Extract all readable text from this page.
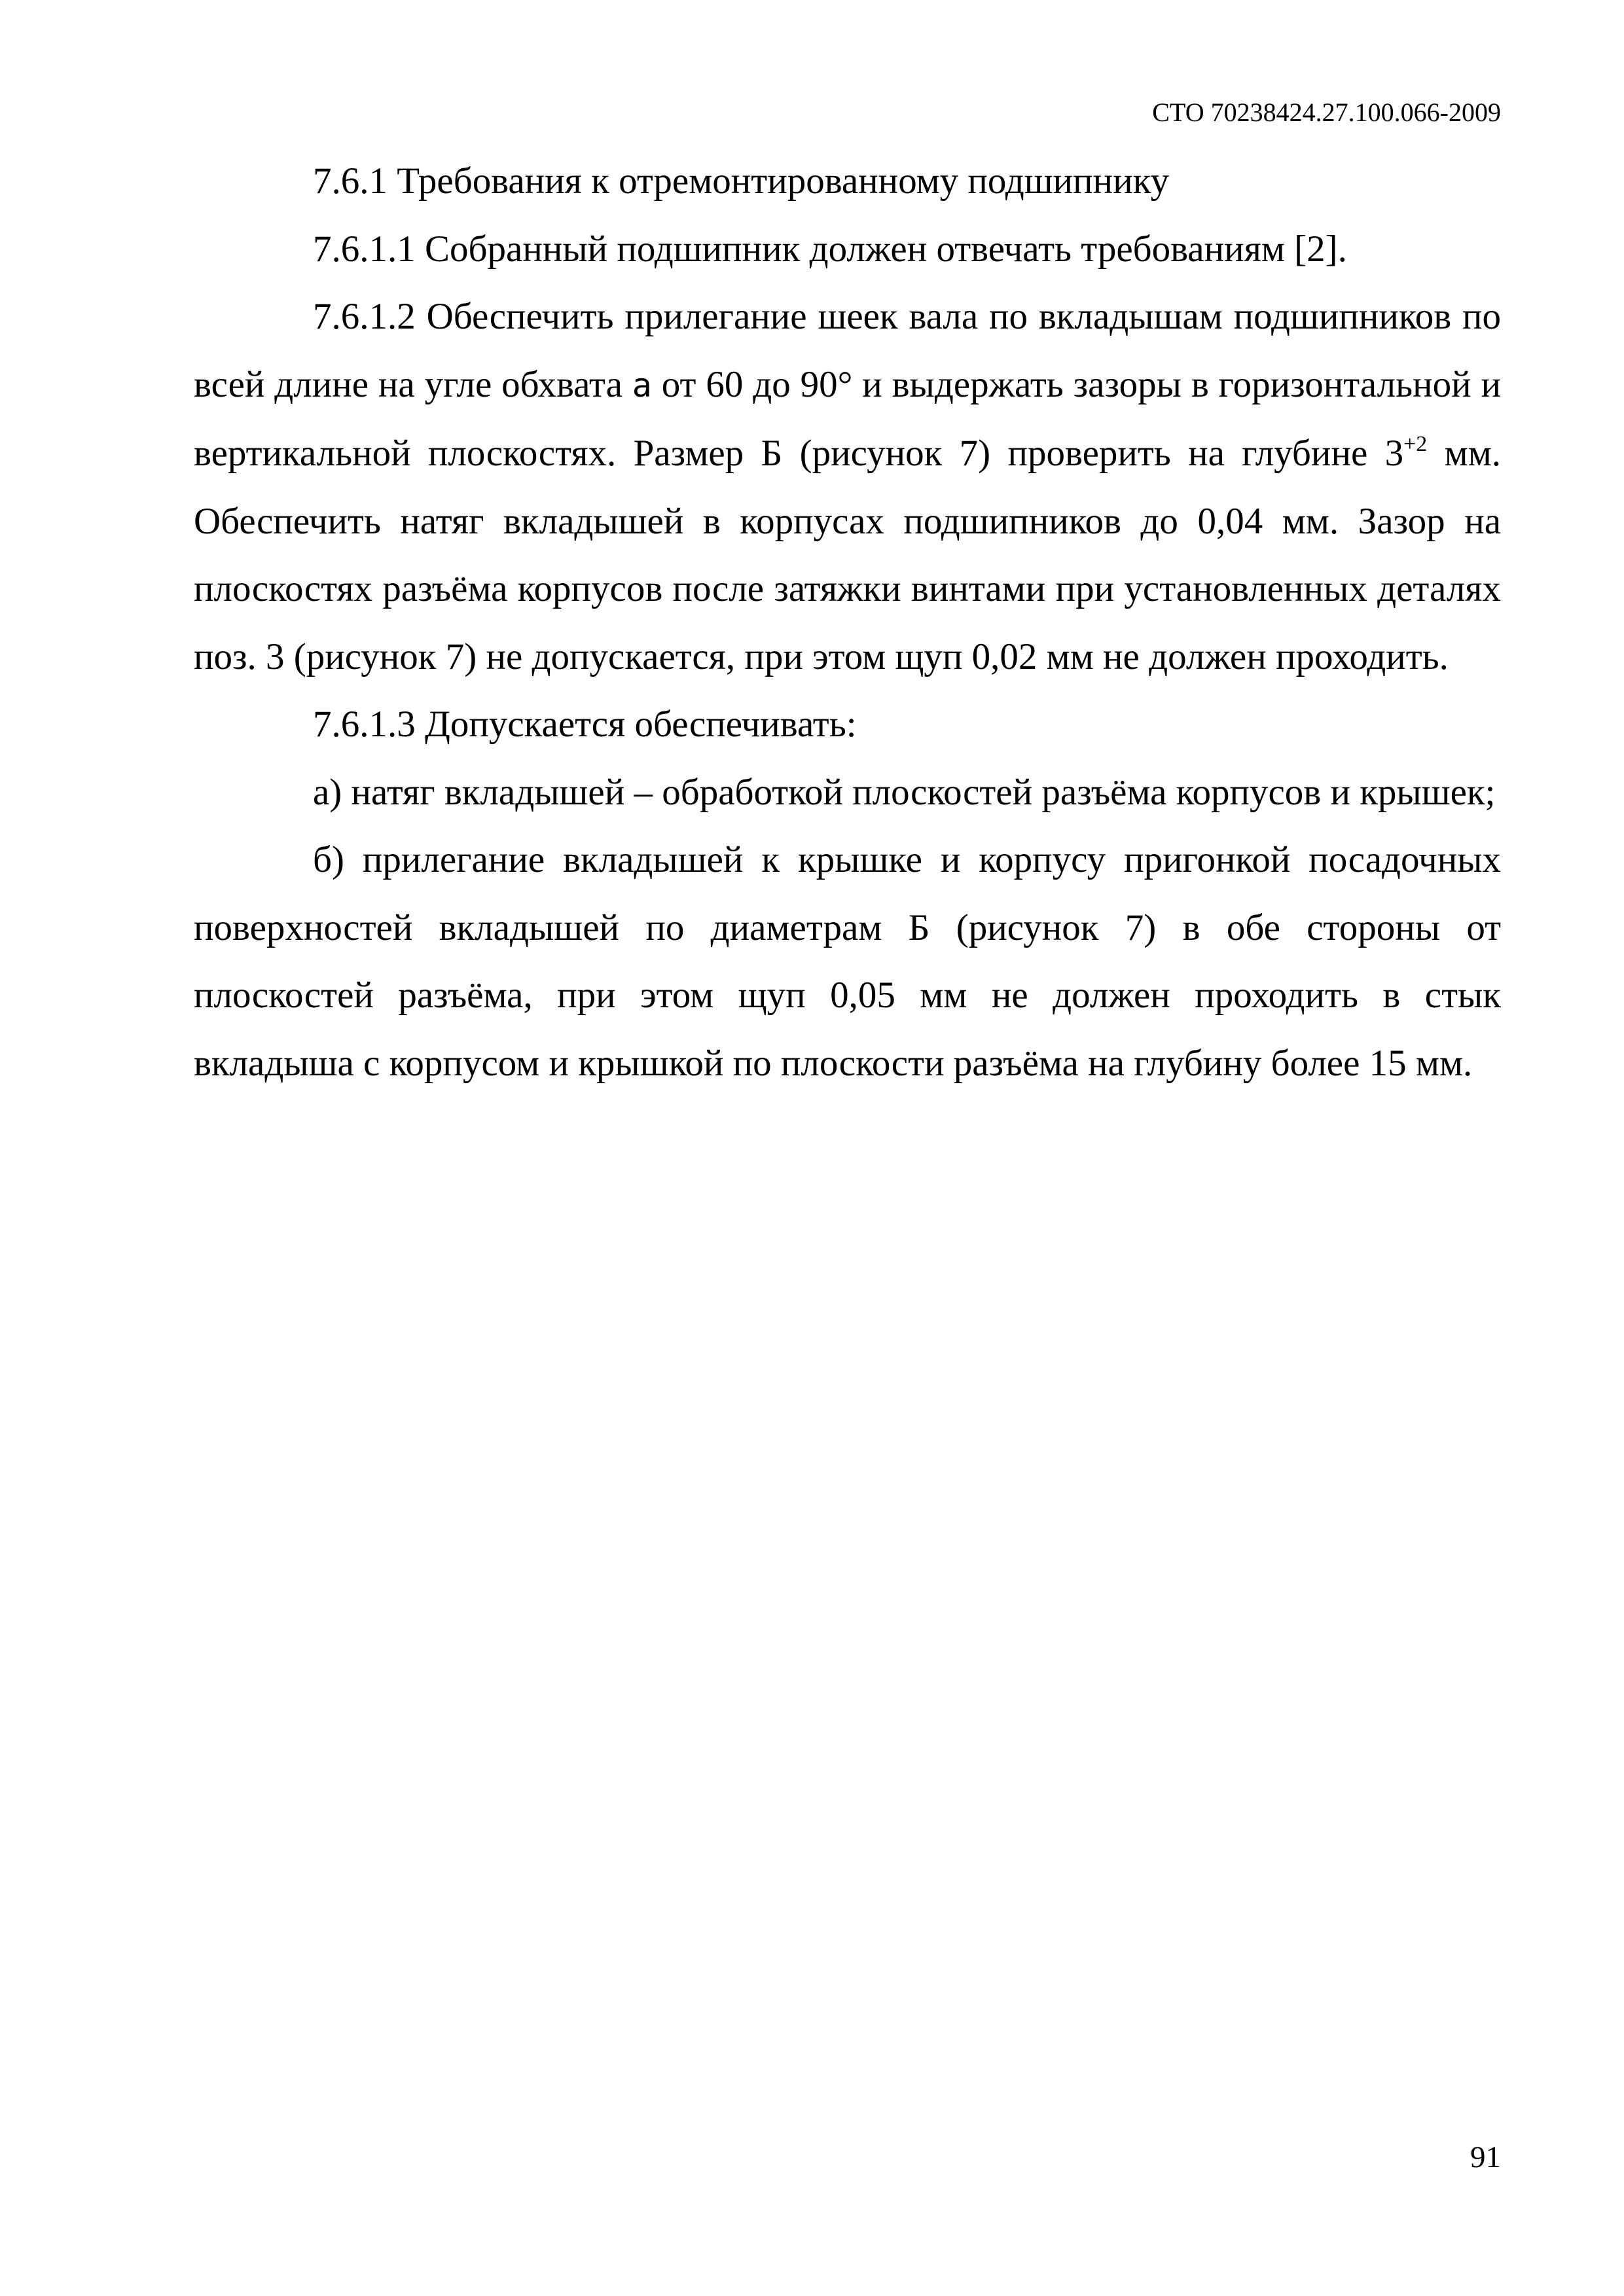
СТО 70238424.27.100.066-2009

7.6.1 Требования к отремонтированному подшипнику

7.6.1.1 Собранный подшипник должен отвечать требованиям [2].

7.6.1.2 Обеспечить прилегание шеек вала по вкладышам подшипников по всей длине на угле обхвата a от 60 до 90° и выдержать зазоры в горизонтальной и вертикальной плоскостях. Размер Б (рисунок 7) проверить на глубине $3^{+2}$ мм. Обеспечить натяг вкладышей в корпусах подшипников до 0,04 мм. Зазор на плоскостях разъёма корпусов после затяжки винтами при установленных деталях поз. 3 (рисунок 7) не допускается, при этом щуп 0,02 мм не должен проходить.

7.6.1.3 Допускается обеспечивать:

а) натяг вкладышей – обработкой плоскостей разъёма корпусов и крышек;

б) прилегание вкладышей к крышке и корпусу пригонкой посадочных поверхностей вкладышей по диаметрам Б (рисунок 7) в обе стороны от плоскостей разъёма, при этом щуп 0,05 мм не должен проходить в стык вкладыша с корпусом и крышкой по плоскости разъёма на глубину более 15 мм.

91
